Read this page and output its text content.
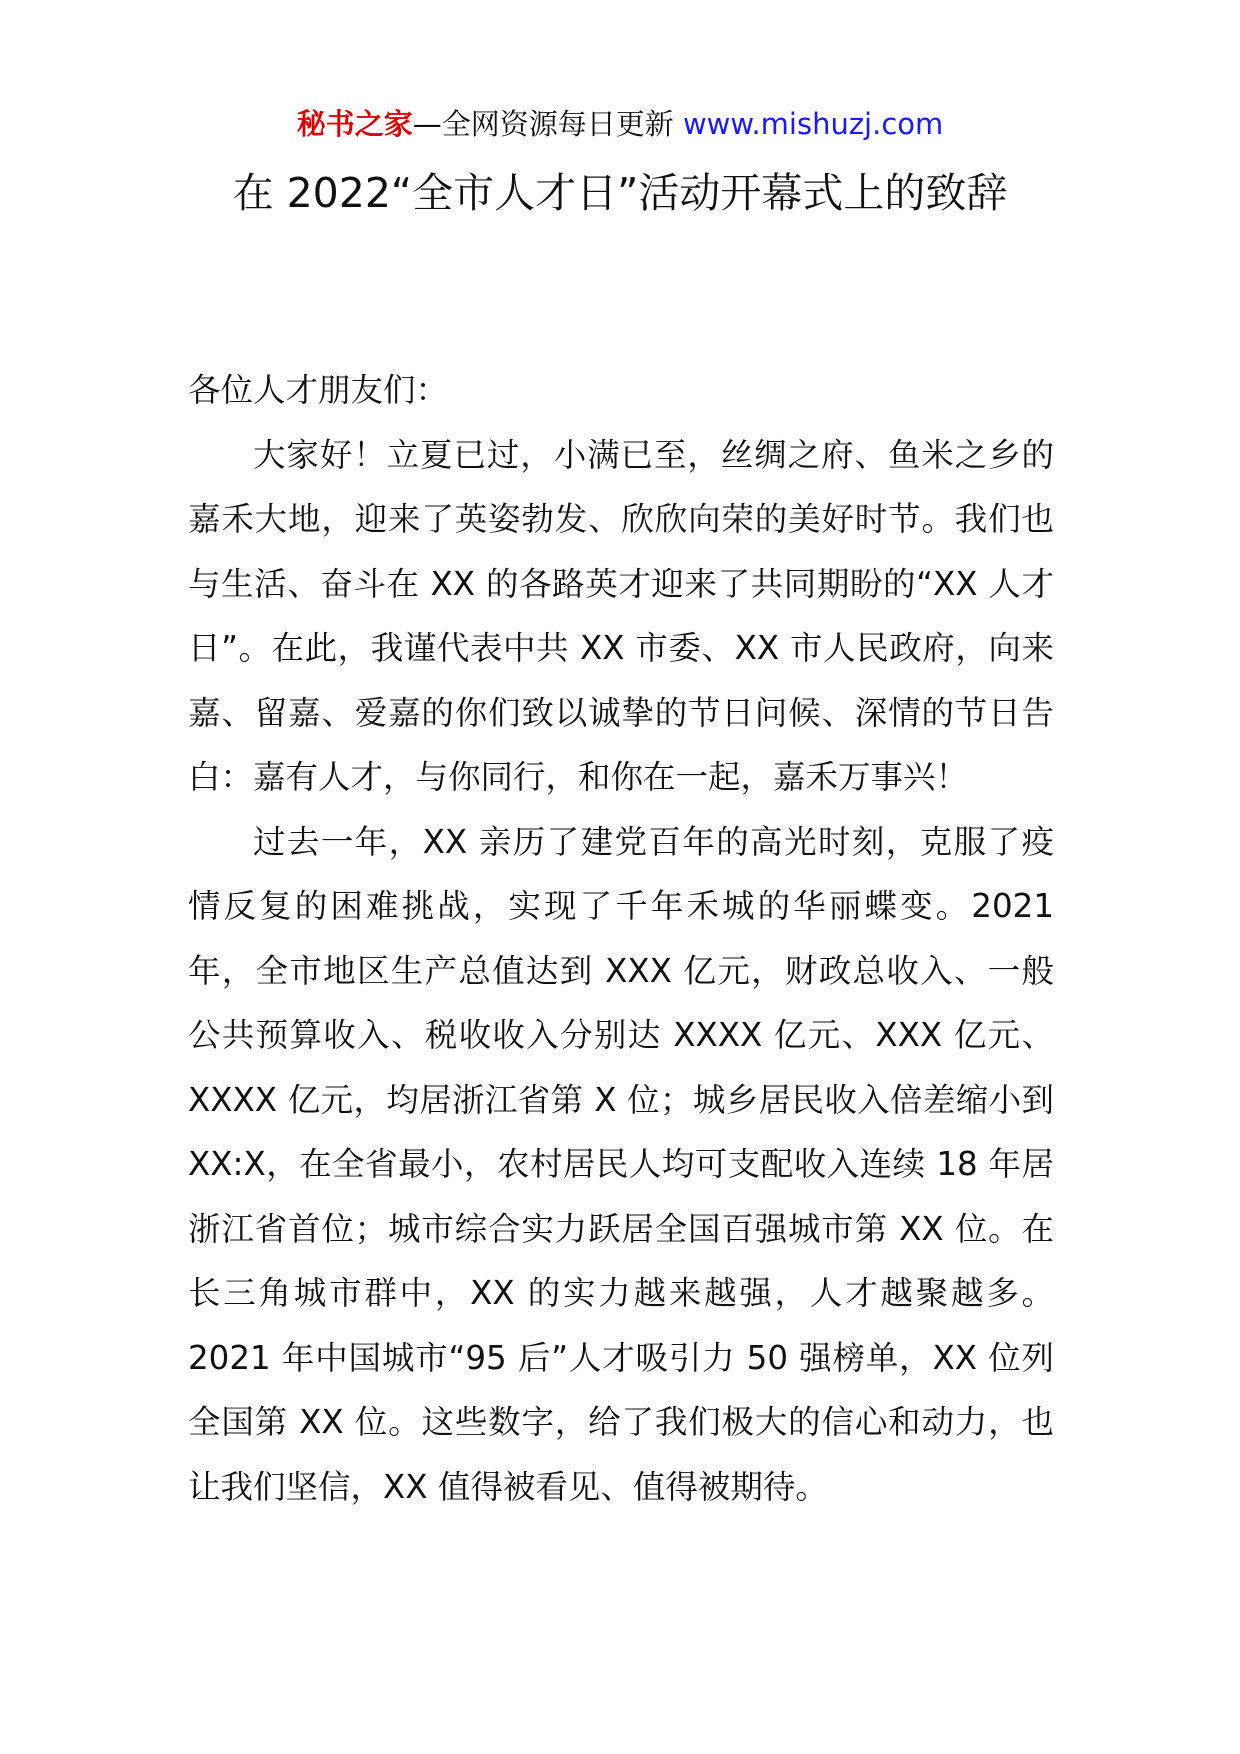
秘书之家—全网资源每日更新 www.mishuzj.com
在 2022“全市人才日”活动开幕式上的致辞

各位人才朋友们：

大家好！立夏已过，小满已至，丝绸之府、鱼米之乡的嘉禾大地，迎来了英姿勃发、欣欣向荣的美好时节。我们也与生活、奋斗在 XX 的各路英才迎来了共同期盼的“XX 人才日”。在此，我谨代表中共 XX 市委、XX 市人民政府，向来嘉、留嘉、爱嘉的你们致以诚挚的节日问候、深情的节日告白：嘉有人才，与你同行，和你在一起，嘉禾万事兴！

过去一年，XX 亲历了建党百年的高光时刻，克服了疫情反复的困难挑战，实现了千年禾城的华丽蝶变。2021 年，全市地区生产总值达到 XXX 亿元，财政总收入、一般公共预算收入、税收收入分别达 XXXX 亿元、XXX 亿元、XXXX 亿元，均居浙江省第 X 位；城乡居民收入倍差缩小到 XX:X，在全省最小，农村居民人均可支配收入连续 18 年居浙江省首位；城市综合实力跃居全国百强城市第 XX 位。在长三角城市群中，XX 的实力越来越强，人才越聚越多。2021 年中国城市“95 后”人才吸引力 50 强榜单，XX 位列全国第 XX 位。这些数字，给了我们极大的信心和动力，也让我们坚信，XX 值得被看见、值得被期待。
